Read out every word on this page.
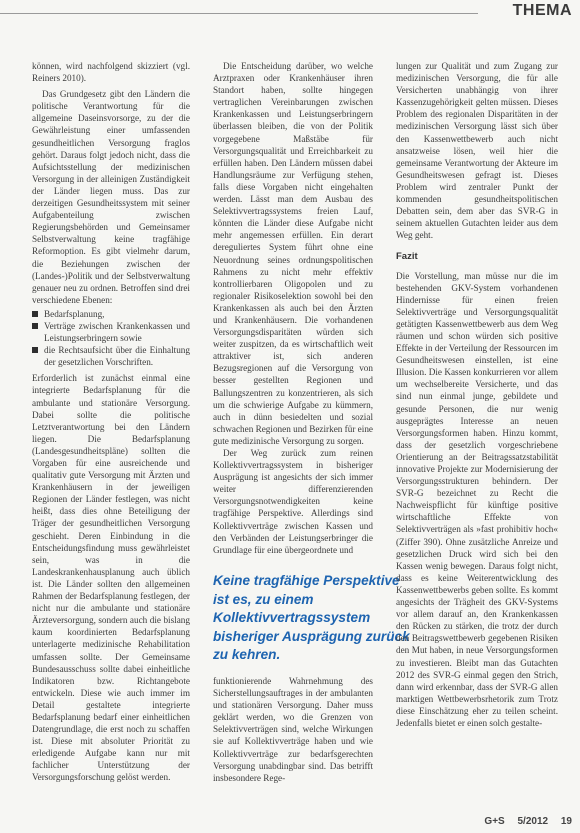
THEMA

können, wird nachfolgend skizziert (vgl. Reiners 2010).

Das Grundgesetz gibt den Ländern die politische Verantwortung für die allgemeine Daseinsvorsorge, zu der die Gewährleistung einer umfassenden gesundheitlichen Versorgung fraglos gehört. Daraus folgt jedoch nicht, dass die Aufsichtsstellung der medizinischen Versorgung in der alleinigen Zuständigkeit der Länder liegen muss. Das zur derzeitigen Gesundheitssystem mit seiner Aufgabenteilung zwischen Regierungsbehörden und Gemeinsamer Selbstverwaltung keine tragfähige Reformoption. Es gibt vielmehr darum, die Beziehungen zwischen der (Landes-)Politik und der Selbstverwaltung genauer neu zu ordnen. Betroffen sind drei verschiedene Ebenen:

Bedarfsplanung,
Verträge zwischen Krankenkassen und Leistungserbringern sowie
die Rechtsaufsicht über die Einhaltung der gesetzlichen Vorschriften.

Erforderlich ist zunächst einmal eine integrierte Bedarfsplanung für die ambulante und stationäre Versorgung. Dabei sollte die politische Letztverantwortung bei den Ländern liegen. Die Bedarfsplanung (Landesgesundheitspläne) sollten die Vorgaben für eine ausreichende und qualitativ gute Versorgung mit Ärzten und Krankenhäusern in der jeweiligen Regionen der Länder festlegen, was nicht heißt, dass dies ohne Beteiligung der Träger der gesundheitlichen Versorgung geschieht. Deren Einbindung in die Entscheidungsfindung muss gewährleistet sein, was in die Landeskrankenhausplanung auch üblich ist. Die Länder sollten den allgemeinen Rahmen der Bedarfsplanung festlegen, der nicht nur die ambulante und stationäre Ärzteversorgung, sondern auch die bislang kaum koordinierten Bedarfsplanung unterlagerte medizinische Rehabilitation umfassen sollte. Der Gemeinsame Bundesausschuss sollte dabei einheitliche Indikatoren bzw. Richtangebote entwickeln. Diese wie auch immer im Detail gestaltete integrierte Bedarfsplanung bedarf einer einheitlichen Datengrundlage, die erst noch zu schaffen ist. Diese mit absoluter Priorität zu erledigende Aufgabe kann nur mit fachlicher Unterstützung der Versorgungsforschung gelöst werden.

Die Entscheidung darüber, wo welche Arztpraxen oder Krankenhäuser ihren Standort haben, sollte hingegen vertraglichen Vereinbarungen zwischen Krankenkassen und Leistungserbringern überlassen bleiben, die von der Politik vorgegebene Maßstäbe für Versorgungsqualität und Erreichbarkeit zu erfüllen haben. Den Ländern müssen dabei Handlungsräume zur Verfügung stehen, falls diese Vorgaben nicht eingehalten werden. Lässt man dem Ausbau des Selektivvertragssystems freien Lauf, könnten die Länder diese Aufgabe nicht mehr angemessen erfüllen. Ein derart dereguliertes System führt ohne eine Neuordnung seines ordnungspolitischen Rahmens zu nicht mehr effektiv kontrollierbaren Oligopolen und zu regionaler Risikoselektion sowohl bei den Krankenkassen als auch bei den Ärzten und Krankenhäusern. Die vorhandenen Versorgungsdisparitäten würden sich weiter zuspitzen, da es wirtschaftlich weit attraktiver ist, sich anderen Bezugsregionen auf die Versorgung von besser gestellten Regionen und Ballungszentren zu konzentrieren, als sich um die schwierige Aufgabe zu kümmern, auch in dünn besiedelten und sozial schwachen Regionen und Bezirken für eine gute medizinische Versorgung zu sorgen.

Der Weg zurück zum reinen Kollektivvertragssystem in bisheriger Ausprägung ist angesichts der sich immer weiter differenzierenden Versorgungsnotwendigkeiten keine tragfähige Perspektive. Allerdings sind Kollektivverträge zwischen Kassen und den Verbänden der Leistungserbringer die Grundlage für eine übergeordnete und

Keine tragfähige Perspektive ist es, zu einem Kollektivvertragssystem bisheriger Ausprägung zurück zu kehren.

funktionierende Wahrnehmung des Sicherstellungsauftrages in der ambulanten und stationären Versorgung. Daher muss geklärt werden, wo die Grenzen von Selektivverträgen sind, welche Wirkungen sie auf Kollektivverträge haben und wie Kollektivverträge zur bedarfsgerechten Versorgung unabdingbar sind. Das betrifft insbesondere Rege-

lungen zur Qualität und zum Zugang zur medizinischen Versorgung, die für alle Versicherten unabhängig von ihrer Kassenzugehörigkeit gelten müssen. Dieses Problem des regionalen Disparitäten in der medizinischen Versorgung lässt sich über den Kassenwettbewerb auch nicht ansatzweise lösen, weil hier die gemeinsame Verantwortung der Akteure im Gesundheitswesen gefragt ist. Dieses Problem wird zentraler Punkt der kommenden gesundheitspolitischen Debatten sein, dem aber das SVR-G in seinem aktuellen Gutachten leider aus dem Weg geht.

Fazit

Die Vorstellung, man müsse nur die im bestehenden GKV-System vorhandenen Hindernisse für einen freien Selektivverträge und Versorgungsqualität getätigten Kassenwettbewerb aus dem Weg räumen und schon würden sich positive Effekte in der Verteilung der Ressourcen im Gesundheitswesen einstellen, ist eine Illusion. Die Kassen konkurrieren vor allem um wechselbereite Versicherte, und das sind nun einmal junge, gebildete und gesunde Personen, die nur wenig ausgeprägtes Interesse an neuen Versorgungsformen haben. Hinzu kommt, dass der gesetzlich vorgeschriebene Orientierung an der Beitragssatzstabilität innovative Projekte zur Modernisierung der Versorgungsstrukturen behindern. Der SVR-G bezeichnet zu Recht die Nachweispflicht für künftige positive wirtschaftliche Effekte von Selektivverträgen als »fast prohibitiv hoch« (Ziffer 390). Ohne zusätzliche Anreize und gesetzlichen Druck wird sich bei den Kassen wenig bewegen. Daraus folgt nicht, dass es keine Weiterentwicklung des Kassenwettbewerbs geben sollte. Es kommt angesichts der Trägheit des GKV-Systems vor allem darauf an, den Krankenkassen den Rücken zu stärken, die trotz der durch den Beitragswettbewerb gegebenen Risiken den Mut haben, in neue Versorgungsformen zu investieren. Bleibt man das Gutachten 2012 des SVR-G einmal gegen den Strich, dann wird erkennbar, dass der SVR-G allen marktigen Wettbewerbsrhetorik zum Trotz diese Einschätzung eher zu teilen scheint. Jedenfalls bietet er einen solch gestalte-

G+S 5/2012 19
